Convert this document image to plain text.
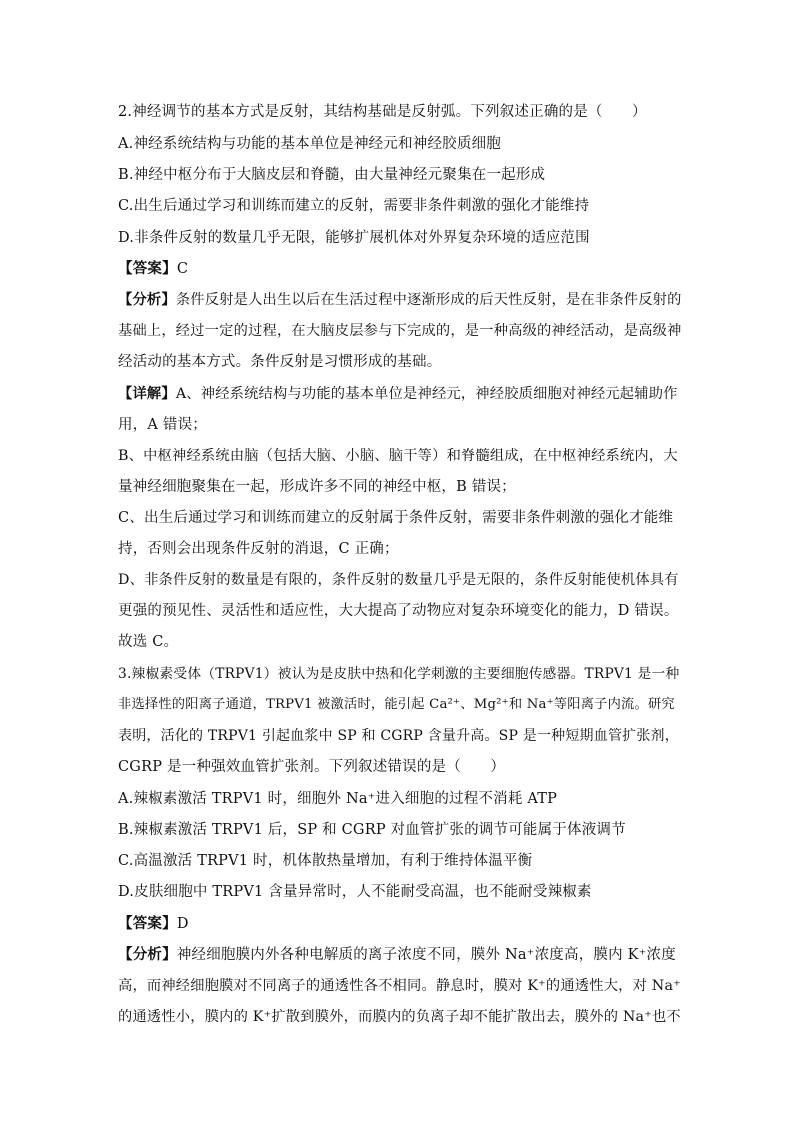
2.神经调节的基本方式是反射，其结构基础是反射弧。下列叙述正确的是（　　）
A.神经系统结构与功能的基本单位是神经元和神经胶质细胞
B.神经中枢分布于大脑皮层和脊髓，由大量神经元聚集在一起形成
C.出生后通过学习和训练而建立的反射，需要非条件刺激的强化才能维持
D.非条件反射的数量几乎无限，能够扩展机体对外界复杂环境的适应范围
【答案】C
【分析】条件反射是人出生以后在生活过程中逐渐形成的后天性反射，是在非条件反射的
基础上，经过一定的过程，在大脑皮层参与下完成的，是一种高级的神经活动，是高级神
经活动的基本方式。条件反射是习惯形成的基础。
【详解】A、神经系统结构与功能的基本单位是神经元，神经胶质细胞对神经元起辅助作
用，A 错误；
B、中枢神经系统由脑（包括大脑、小脑、脑干等）和脊髓组成，在中枢神经系统内，大
量神经细胞聚集在一起，形成许多不同的神经中枢，B 错误；
C、出生后通过学习和训练而建立的反射属于条件反射，需要非条件刺激的强化才能维
持，否则会出现条件反射的消退，C 正确；
D、非条件反射的数量是有限的，条件反射的数量几乎是无限的，条件反射能使机体具有
更强的预见性、灵活性和适应性，大大提高了动物应对复杂环境变化的能力，D 错误。
故选 C。
3.辣椒素受体（TRPV1）被认为是皮肤中热和化学刺激的主要细胞传感器。TRPV1 是一种
非选择性的阳离子通道，TRPV1 被激活时，能引起 Ca²⁺、Mg²⁺和 Na⁺等阳离子内流。研究
表明，活化的 TRPV1 引起血浆中 SP 和 CGRP 含量升高。SP 是一种短期血管扩张剂，
CGRP 是一种强效血管扩张剂。下列叙述错误的是（　　）
A.辣椒素激活 TRPV1 时，细胞外 Na⁺进入细胞的过程不消耗 ATP
B.辣椒素激活 TRPV1 后，SP 和 CGRP 对血管扩张的调节可能属于体液调节
C.高温激活 TRPV1 时，机体散热量增加，有利于维持体温平衡
D.皮肤细胞中 TRPV1 含量异常时，人不能耐受高温，也不能耐受辣椒素
【答案】D
【分析】神经细胞膜内外各种电解质的离子浓度不同，膜外 Na⁺浓度高，膜内 K⁺浓度
高，而神经细胞膜对不同离子的通透性各不相同。静息时，膜对 K⁺的通透性大，对 Na⁺
的通透性小，膜内的 K⁺扩散到膜外，而膜内的负离子却不能扩散出去，膜外的 Na⁺也不
